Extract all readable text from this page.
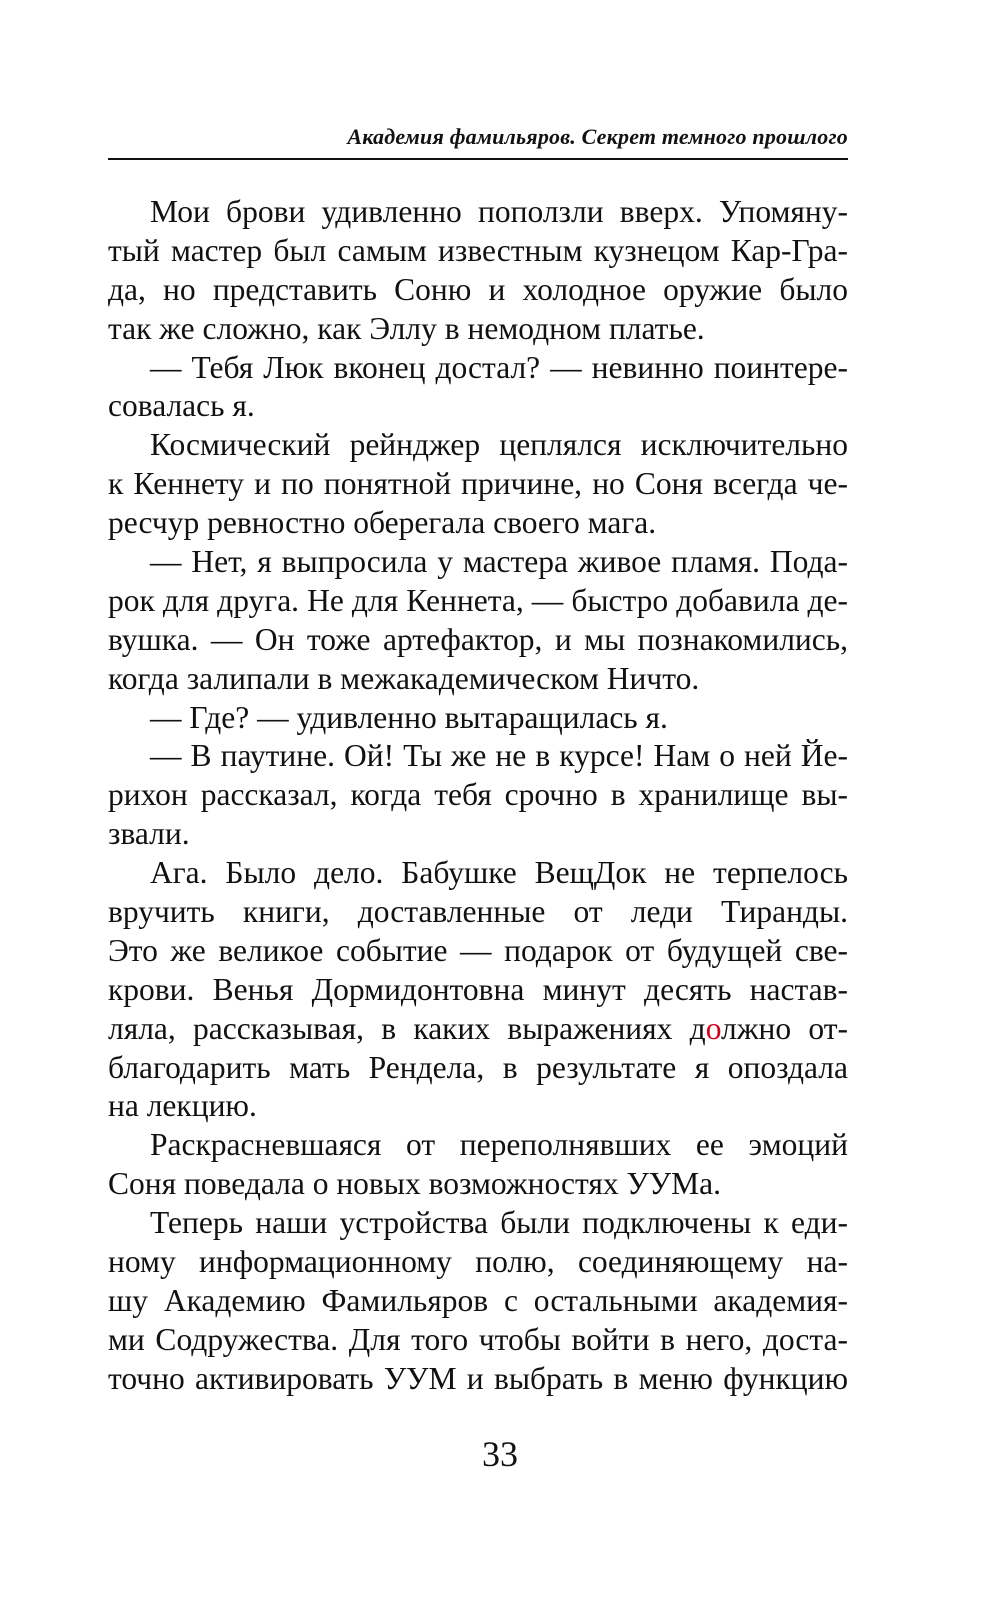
Академия фамильяров. Секрет темного прошлого
Мои брови удивленно поползли вверх. Упомяну-
тый мастер был самым известным кузнецом Кар-Гра-
да, но представить Соню и холодное оружие было
так же сложно, как Эллу в немодном платье.
— Тебя Люк вконец достал? — невинно поинтере-
совалась я.
Космический рейнджер цеплялся исключительно
к Кеннету и по понятной причине, но Соня всегда че-
ресчур ревностно оберегала своего мага.
— Нет, я выпросила у мастера живое пламя. Пода-
рок для друга. Не для Кеннета, — быстро добавила де-
вушка. — Он тоже артефактор, и мы познакомились,
когда залипали в межакадемическом Ничто.
— Где? — удивленно вытаращилась я.
— В паутине. Ой! Ты же не в курсе! Нам о ней Йе-
рихон рассказал, когда тебя срочно в хранилище вы-
звали.
Ага. Было дело. Бабушке ВещДок не терпелось
вручить книги, доставленные от леди Тиранды.
Это же великое событие — подарок от будущей све-
крови. Венья Дормидонтовна минут десять настав-
ляла, рассказывая, в каких выражениях должно от-
благодарить мать Рендела, в результате я опоздала
на лекцию.
Раскрасневшаяся от переполнявших ее эмоций
Соня поведала о новых возможностях УУМа.
Теперь наши устройства были подключены к еди-
ному информационному полю, соединяющему на-
шу Академию Фамильяров с остальными академия-
ми Содружества. Для того чтобы войти в него, доста-
точно активировать УУМ и выбрать в меню функцию
33
